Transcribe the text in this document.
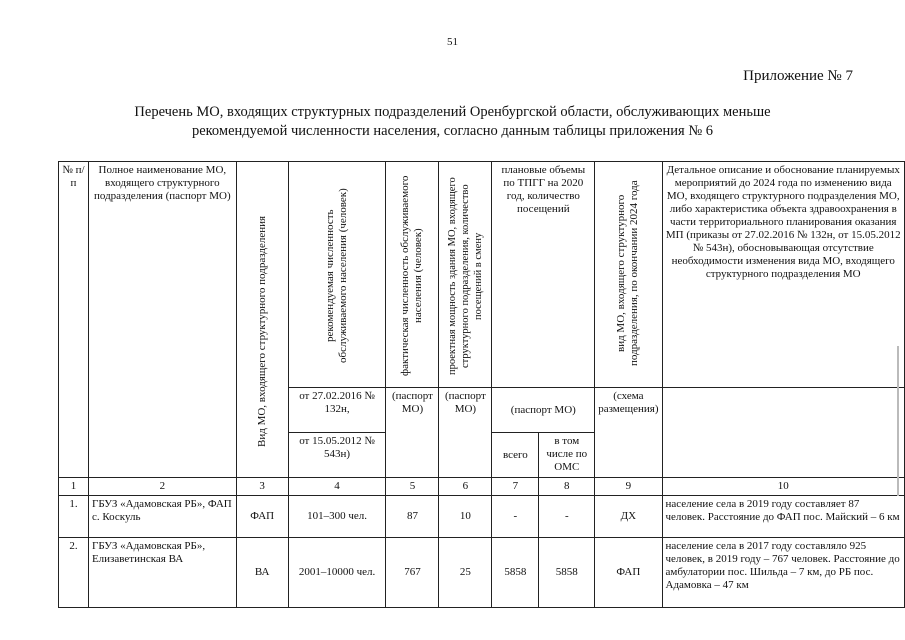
51
Приложение № 7
Перечень МО, входящих структурных подразделений Оренбургской области, обслуживающих меньше
рекомендуемой численности населения, согласно данным таблицы приложения № 6
№ п/п	Полное наименование МО, входящего структурного подразделения (паспорт МО)	Вид МО, входящего структурного подразделения	рекомендуемая численность обслуживаемого населения (человек)	фактическая численность обслуживаемого населения (человек)	проектная мощность здания МО, входящего структурного подразделения, количество посещений в смену	плановые объемы по ТПГГ на 2020 год, количество посещений		вид МО, входящего структурного подразделения, по окончании 2024 года	Детальное описание и обоснование планируемых мероприятий до 2024 года по изменению вида МО, входящего структурного подразделения МО, либо характеристика объекта здравоохранения в части территориального планирования оказания МП (приказы от 27.02.2016 № 132н, от 15.05.2012 № 543н), обосновывающая отсутствие необходимости изменения вида МО, входящего структурного подразделения МО
			от 27.02.2016 № 132н,	(паспорт МО)	(паспорт МО)	(паспорт МО)		(схема размещения)	
			от 15.05.2012 № 543н)			всего	в том числе по ОМС		
1	2	3	4	5	6	7	8	9	10
1.	ГБУЗ «Адамовская РБ», ФАП с. Коскуль	ФАП	101–300 чел.	87	10	-	-	ДХ	население села в 2019 году составляет 87 человек. Расстояние до ФАП пос. Майский – 6 км
2.	ГБУЗ «Адамовская РБ», Елизаветинская ВА	ВА	2001–10000 чел.	767	25	5858	5858	ФАП	население села в 2017 году составляло 925 человек, в 2019 году – 767 человек. Расстояние до амбулатории пос. Шильда – 7 км, до РБ пос. Адамовка – 47 км
